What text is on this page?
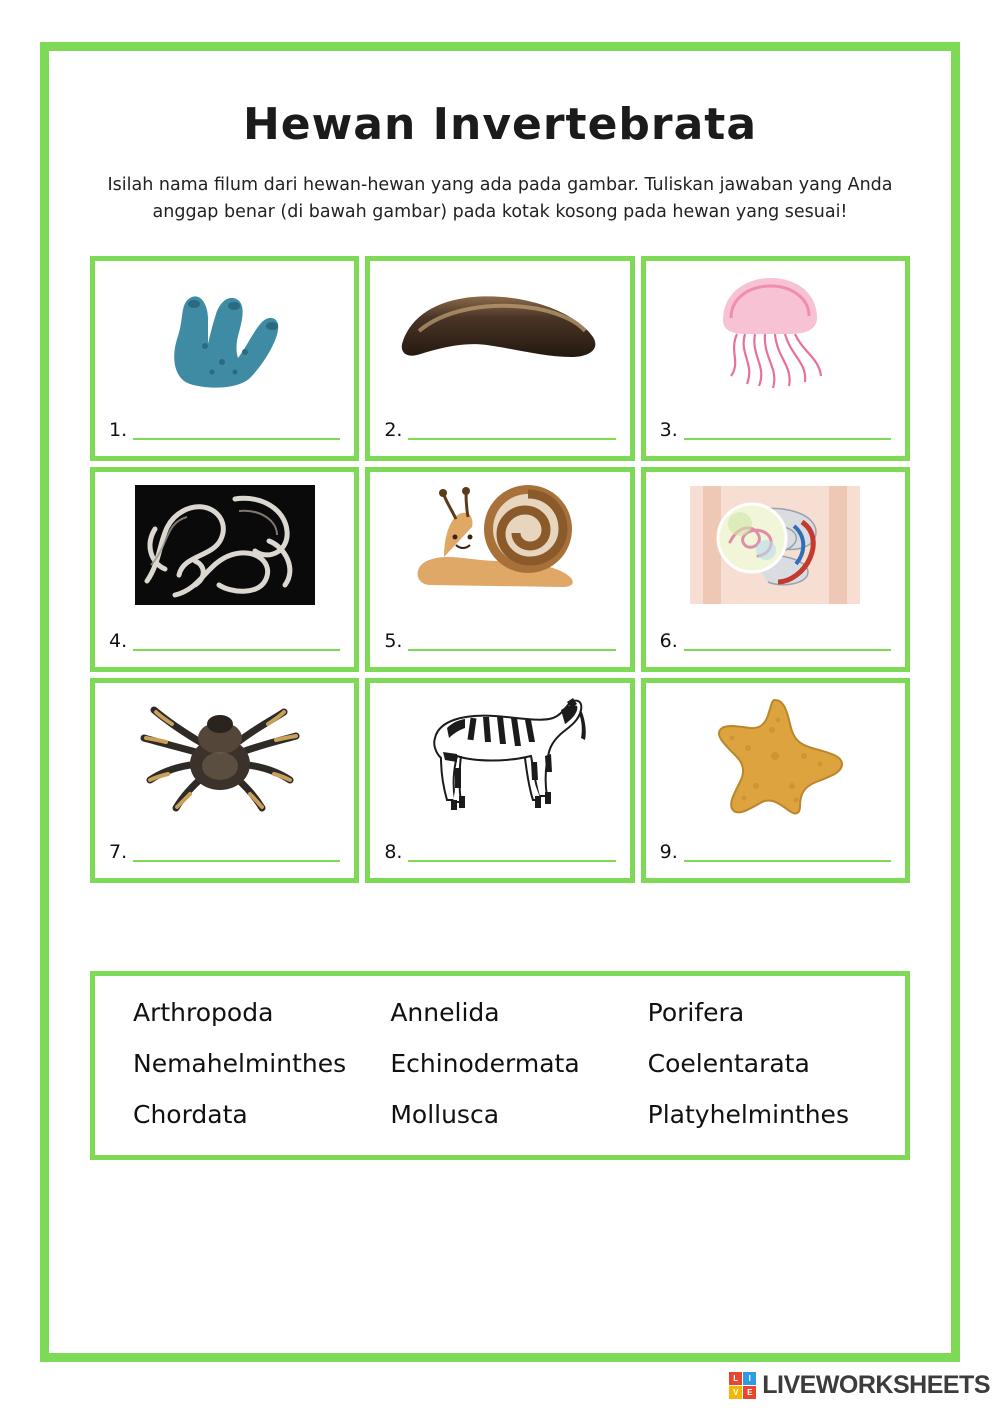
Hewan Invertebrata
Isilah nama filum dari hewan-hewan yang ada pada gambar. Tuliskan jawaban yang Anda anggap benar (di bawah gambar) pada kotak kosong pada hewan yang sesuai!
1.	2.	3.
4.	5.	6.
7.	8.	9.
Arthropoda	Annelida	Porifera
Nemahelminthes	Echinodermata	Coelentarata
Chordata	Mollusca	Platyhelminthes
L	I
V	E LIVEWORKSHEETS
